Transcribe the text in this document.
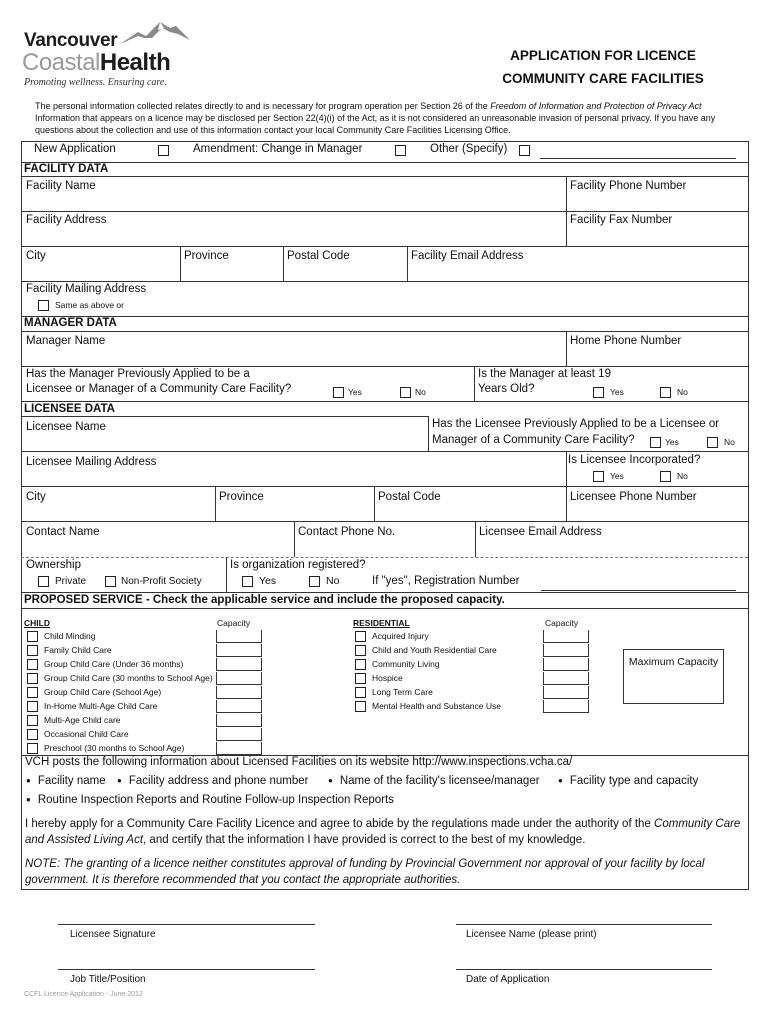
Vancouver
CoastalHealth
Promoting wellness. Ensuring care.
APPLICATION FOR LICENCE
COMMUNITY CARE FACILITIES
The personal information collected relates directly to and is necessary for program operation per Section 26 of the Freedom of Information and Protection of Privacy Act Information that appears on a licence may be disclosed per Section 22(4)(i) of the Act, as it is not considered an unreasonable invasion of personal privacy. If you have any questions about the collection and use of this information contact your local Community Care Facilities Licensing Office.
New Application	Amendment: Change in Manager	Other (Specify)
FACILITY DATA
Facility Name	Facility Phone Number
Facility Address	Facility Fax Number
City	Province	Postal Code	Facility Email Address
Facility Mailing Address
Same as above or
MANAGER DATA
Manager Name	Home Phone Number
Has the Manager Previously Applied to be a
Licensee or Manager of a Community Care Facility?	Yes	No
Is the Manager at least 19
Years Old?	Yes	No
LICENSEE DATA
Licensee Name	Has the Licensee Previously Applied to be a Licensee or
Manager of a Community Care Facility?	Yes	No
Licensee Mailing Address	Is Licensee Incorporated?
Yes	No
City	Province	Postal Code	Licensee Phone Number
Contact Name	Contact Phone No.	Licensee Email Address
Ownership
Private	Non-Profit Society
Is organization registered?
Yes	No	If "yes", Registration Number
PROPOSED SERVICE - Check the applicable service and include the proposed capacity.
CHILD	Capacity	RESIDENTIAL	Capacity
Child Minding
Family Child Care
Group Child Care (Under 36 months)
Group Child Care (30 months to School Age)
Group Child Care (School Age)
In-Home Multi-Age Child Care
Multi-Age Child care
Occasional Child Care
Preschool (30 months to School Age)
Acquired Injury
Child and Youth Residential Care
Community Living
Hospice
Long Term Care
Mental Health and Substance Use
Maximum Capacity
VCH posts the following information about Licensed Facilities on its website http://www.inspections.vcha.ca/
● Facility name	● Facility address and phone number	● Name of the facility's licensee/manager	● Facility type and capacity
● Routine Inspection Reports and Routine Follow-up Inspection Reports
I hereby apply for a Community Care Facility Licence and agree to abide by the regulations made under the authority of the Community Care and Assisted Living Act, and certify that the information I have provided is correct to the best of my knowledge.
NOTE: The granting of a licence neither constitutes approval of funding by Provincial Government nor approval of your facility by local government. It is therefore recommended that you contact the appropriate authorities.
Licensee Signature	Licensee Name (please print)
Job Title/Position	Date of Application
CCFL Licence Application - June 2012
